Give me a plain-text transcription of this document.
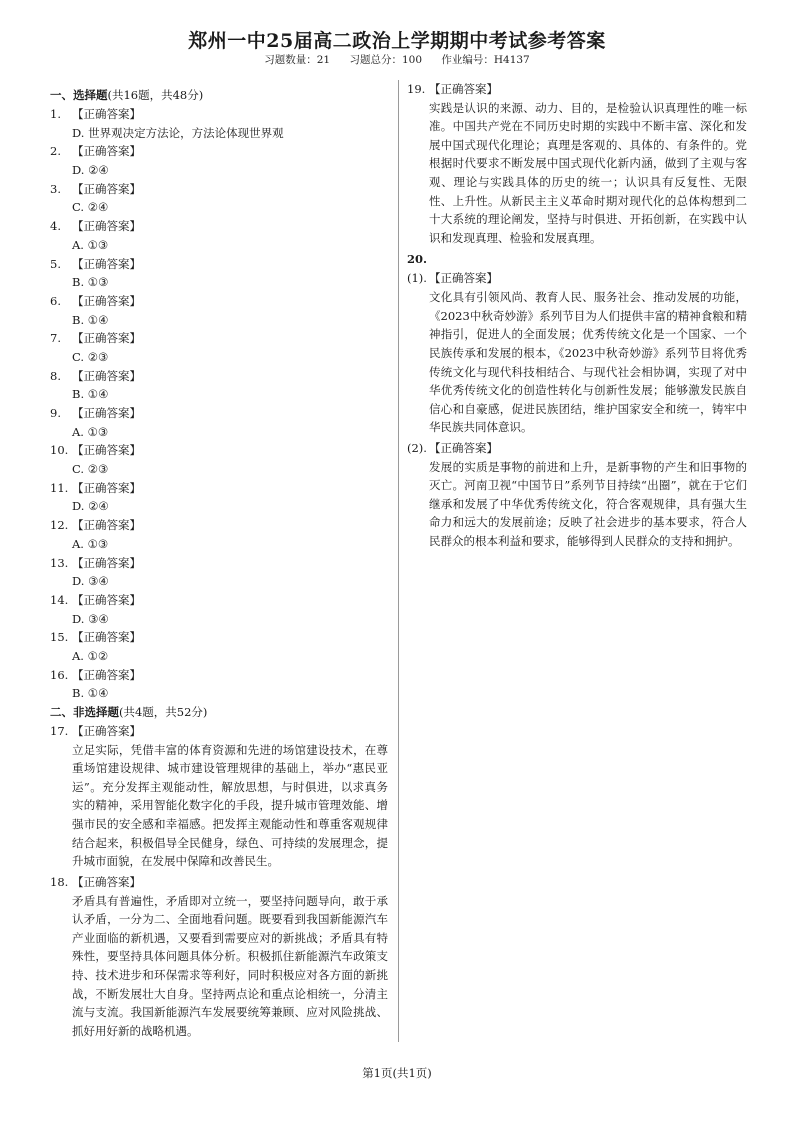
郑州一中25届高二政治上学期期中考试参考答案
习题数量：21 习题总分：100 作业编号：H4137
一、选择题(共16题，共48分)
1. 【正确答案】
D. 世界观决定方法论，方法论体现世界观
2. 【正确答案】
D. ②④
3. 【正确答案】
C. ②④
4. 【正确答案】
A. ①③
5. 【正确答案】
B. ①③
6. 【正确答案】
B. ①④
7. 【正确答案】
C. ②③
8. 【正确答案】
B. ①④
9. 【正确答案】
A. ①③
10. 【正确答案】
C. ②③
11. 【正确答案】
D. ②④
12. 【正确答案】
A. ①③
13. 【正确答案】
D. ③④
14. 【正确答案】
D. ③④
15. 【正确答案】
A. ①②
16. 【正确答案】
B. ①④
二、非选择题(共4题，共52分)
17. 【正确答案】
立足实际，凭借丰富的体育资源和先进的场馆建设技术，在尊重场馆建设规律、城市建设管理规律的基础上，举办“惠民亚运”。充分发挥主观能动性，解放思想，与时俱进，以求真务实的精神，采用智能化数字化的手段，提升城市管理效能、增强市民的安全感和幸福感。把发挥主观能动性和尊重客观规律结合起来，积极倡导全民健身，绿色、可持续的发展理念，提升城市面貌，在发展中保障和改善民生。
18. 【正确答案】
矛盾具有普遍性，矛盾即对立统一，要坚持问题导向，敢于承认矛盾，一分为二、全面地看问题。既要看到我国新能源汽车产业面临的新机遇，又要看到需要应对的新挑战；矛盾具有特殊性，要坚持具体问题具体分析。积极抓住新能源汽车政策支持、技术进步和环保需求等利好，同时积极应对各方面的新挑战，不断发展壮大自身。坚持两点论和重点论相统一，分清主流与支流。我国新能源汽车发展要统筹兼顾、应对风险挑战、抓好用好新的战略机遇。
19. 【正确答案】
实践是认识的来源、动力、目的，是检验认识真理性的唯一标准。中国共产党在不同历史时期的实践中不断丰富、深化和发展中国式现代化理论；真理是客观的、具体的、有条件的。党根据时代要求不断发展中国式现代化新内涵，做到了主观与客观、理论与实践具体的历史的统一；认识具有反复性、无限性、上升性。从新民主主义革命时期对现代化的总体构想到二十大系统的理论阐发，坚持与时俱进、开拓创新，在实践中认识和发现真理、检验和发展真理。
20.
(1). 【正确答案】
文化具有引领风尚、教育人民、服务社会、推动发展的功能，《2023中秋奇妙游》系列节目为人们提供丰富的精神食粮和精神指引，促进人的全面发展；优秀传统文化是一个国家、一个民族传承和发展的根本，《2023中秋奇妙游》系列节目将优秀传统文化与现代科技相结合、与现代社会相协调，实现了对中华优秀传统文化的创造性转化与创新性发展；能够激发民族自信心和自豪感，促进民族团结，维护国家安全和统一，铸牢中华民族共同体意识。
(2). 【正确答案】
发展的实质是事物的前进和上升，是新事物的产生和旧事物的灭亡。河南卫视“中国节日”系列节目持续“出圈”，就在于它们继承和发展了中华优秀传统文化，符合客观规律，具有强大生命力和远大的发展前途；反映了社会进步的基本要求，符合人民群众的根本利益和要求，能够得到人民群众的支持和拥护。
第1页(共1页)
